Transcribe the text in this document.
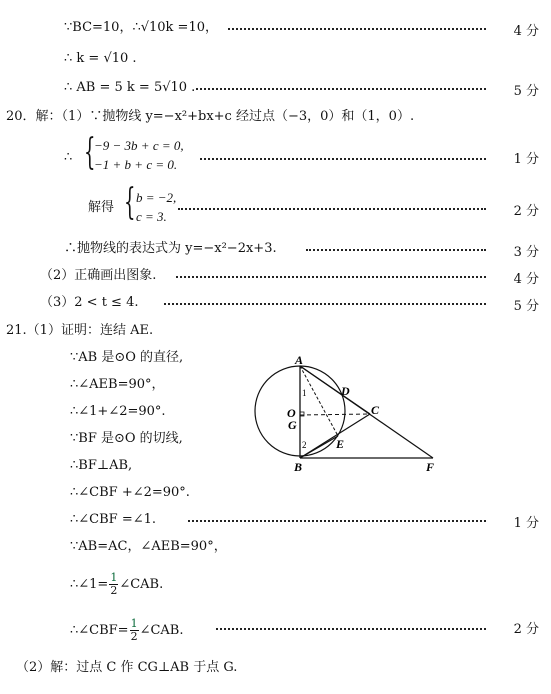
∵BC=10，∴√10k =10，	4 分
∴ k = √10 .
∴ AB = 5 k = 5√10 .	5 分
20．解：（1）∵抛物线 y=−x²+bx+c 经过点（−3，0）和（1，0）.
∴ {
−9 − 3b + c = 0,
−1 + b + c = 0.	1 分
解得 { b = −2,
c = 3.	2 分
∴抛物线的表达式为 y=−x²−2x+3.	3 分
（2）正确画出图象.	4 分
（3）2 < t ≤ 4.	5 分
21.（1）证明：连结 AE.
∵AB 是⊙O 的直径,
∴∠AEB=90°，
∴∠1+∠2=90°.
∵BF 是⊙O 的切线,
∴BF⊥AB,
∴∠CBF +∠2=90°.
∴∠CBF =∠1.	1 分
∵AB=AC，∠AEB=90°，
∴∠1= $\frac{1}{2}$ ∠CAB.
∴∠CBF= $\frac{1}{2}$ ∠CAB.	2 分
（2）解：过点 C 作 CG⊥AB 于点 G.
A
B
C
D
E
F
O
G
1
2
